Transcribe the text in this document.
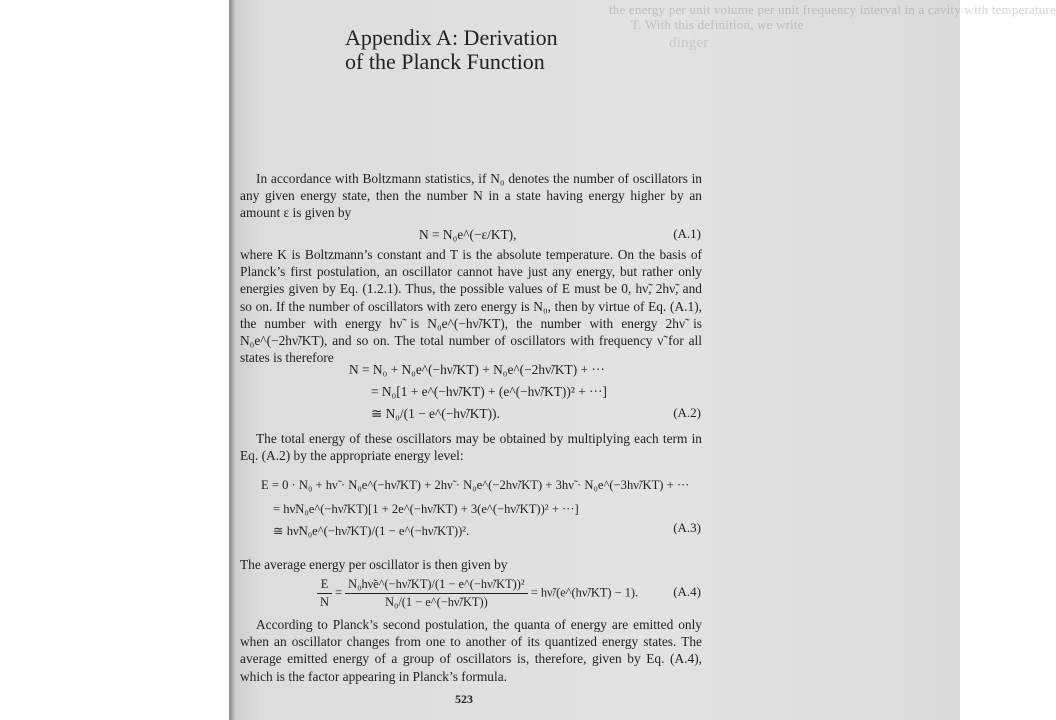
the energy per unit volume per unit frequency interval in a cavity with temperature
T. With this definition, we write
dinger
Appendix A: Derivation
of the Planck Function
In accordance with Boltzmann statistics, if N₀ denotes the number of oscillators in any given energy state, then the number N in a state having energy higher by an amount ε is given by
N = N₀e^(−ε/KT),	(A.1)
where K is Boltzmann’s constant and T is the absolute temperature. On the basis of Planck’s first postulation, an oscillator cannot have just any energy, but rather only energies given by Eq. (1.2.1). Thus, the possible values of E must be 0, hν̃, 2hν̃, and so on. If the number of oscillators with zero energy is N₀, then by virtue of Eq. (A.1), the number with energy hν̃ is N₀e^(−hν̃/KT), the number with energy 2hν̃ is N₀e^(−2hν̃/KT), and so on. The total number of oscillators with frequency ν̃ for all states is therefore
N = N₀ + N₀e^(−hν̃/KT) + N₀e^(−2hν̃/KT) + ···
= N₀[1 + e^(−hν̃/KT) + (e^(−hν̃/KT))² + ···]
≅ N₀/(1 − e^(−hν̃/KT)).	(A.2)
The total energy of these oscillators may be obtained by multiplying each term in Eq. (A.2) by the appropriate energy level:
E = 0 · N₀ + hν̃ · N₀e^(−hν̃/KT) + 2hν̃ · N₀e^(−2hν̃/KT) + 3hν̃ · N₀e^(−3hν̃/KT) + ···
= hν̃N₀e^(−hν̃/KT)[1 + 2e^(−hν̃/KT) + 3(e^(−hν̃/KT))² + ···]
≅ hν̃N₀e^(−hν̃/KT)/(1 − e^(−hν̃/KT))².	(A.3)
The average energy per oscillator is then given by
$\frac{E}{N} = \frac{\text{N₀hν̃e\textasciicircum{}(−hν̃/KT)/(1 − e\textasciicircum{}(−hν̃/KT))²}}{\text{N₀/(1 − e\textasciicircum{}(−hν̃/KT))}}$ = hν̃/(e^(hν̃/KT) − 1).	(A.4)
According to Planck’s second postulation, the quanta of energy are emitted only when an oscillator changes from one to another of its quantized energy states. The average emitted energy of a group of oscillators is, therefore, given by Eq. (A.4), which is the factor appearing in Planck’s formula.
523
